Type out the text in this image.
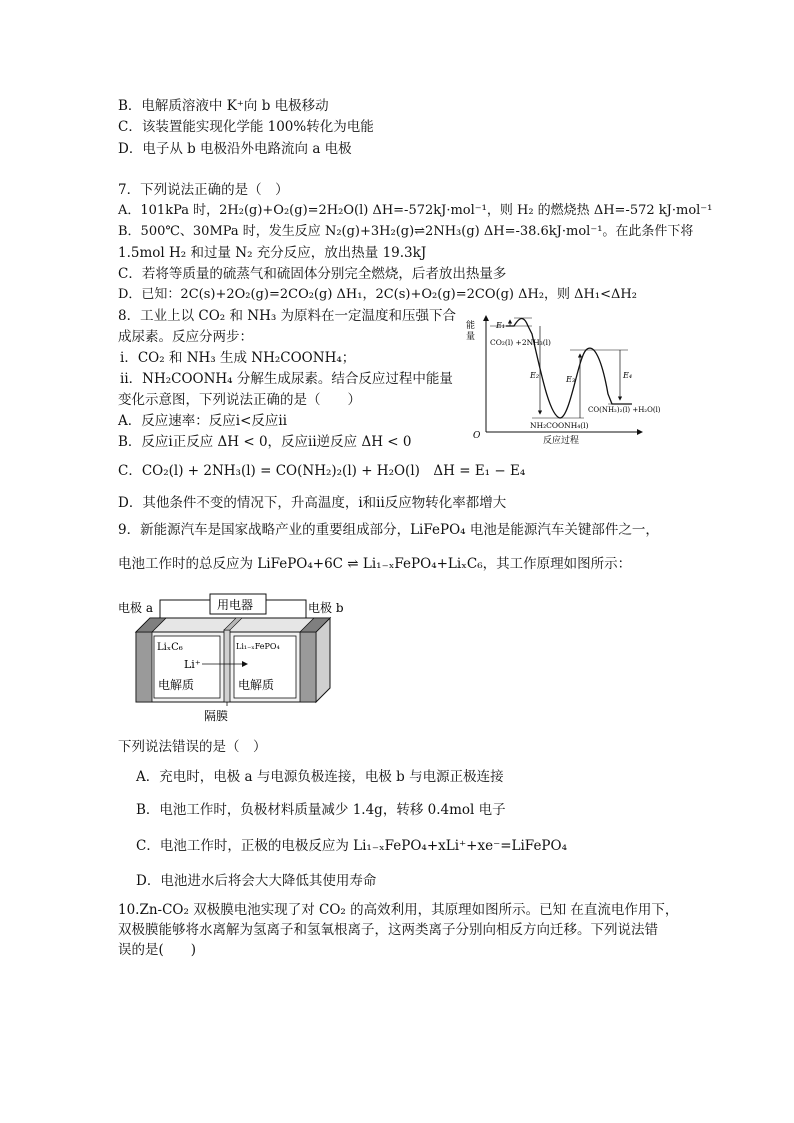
B．电解质溶液中 K⁺向 b 电极移动
C．该装置能实现化学能 100%转化为电能
D．电子从 b 电极沿外电路流向 a 电极
7．下列说法正确的是（　）
A．101kPa 时，2H₂(g)+O₂(g)=2H₂O(l) ΔH=-572kJ·mol⁻¹，则 H₂ 的燃烧热 ΔH=-572 kJ·mol⁻¹
B．500℃、30MPa 时，发生反应 N₂(g)+3H₂(g)⇌2NH₃(g) ΔH=-38.6kJ·mol⁻¹。在此条件下将
1.5mol H₂ 和过量 N₂ 充分反应，放出热量 19.3kJ
C．若将等质量的硫蒸气和硫固体分别完全燃烧，后者放出热量多
D．已知：2C(s)+2O₂(g)=2CO₂(g) ΔH₁，2C(s)+O₂(g)=2CO(g) ΔH₂，则 ΔH₁<ΔH₂
8．工业上以 CO₂ 和 NH₃ 为原料在一定温度和压强下合
成尿素。反应分两步：
ⅰ．CO₂ 和 NH₃ 生成 NH₂COONH₄；
ⅱ．NH₂COONH₄ 分解生成尿素。结合反应过程中能量
变化示意图，下列说法正确的是（　　）
A．反应速率：反应ⅰ<反应ⅱ
B．反应ⅰ正反应 ΔH < 0，反应ⅱ逆反应 ΔH < 0
C．CO₂(l) + 2NH₃(l) = CO(NH₂)₂(l) + H₂O(l)　ΔH = E₁ − E₄
D．其他条件不变的情况下，升高温度，ⅰ和ⅱ反应物转化率都增大
能
量
O	反应过程
E₁
E₂	E₃	E₄
CO₂(l) +2NH₃(l)
NH₂COONH₄(l)
CO(NH₂)₂(l) +H₂O(l)
9．新能源汽车是国家战略产业的重要组成部分，LiFePO₄ 电池是能源汽车关键部件之一，
电池工作时的总反应为 LiFePO₄+6C ⇌ Li₁₋ₓFePO₄+LiₓC₆，其工作原理如图所示：
用电器
电极 a	电极 b
LiₓC₆	Li₁₋ₓFePO₄
Li⁺
电解质	电解质
隔膜
下列说法错误的是（　）
A．充电时，电极 a 与电源负极连接，电极 b 与电源正极连接
B．电池工作时，负极材料质量减少 1.4g，转移 0.4mol 电子
C．电池工作时，正极的电极反应为 Li₁₋ₓFePO₄+xLi⁺+xe⁻=LiFePO₄
D．电池进水后将会大大降低其使用寿命
10.Zn-CO₂ 双极膜电池实现了对 CO₂ 的高效利用，其原理如图所示。已知 在直流电作用下，
双极膜能够将水离解为氢离子和氢氧根离子，这两类离子分别向相反方向迁移。下列说法错
误的是(　　)
